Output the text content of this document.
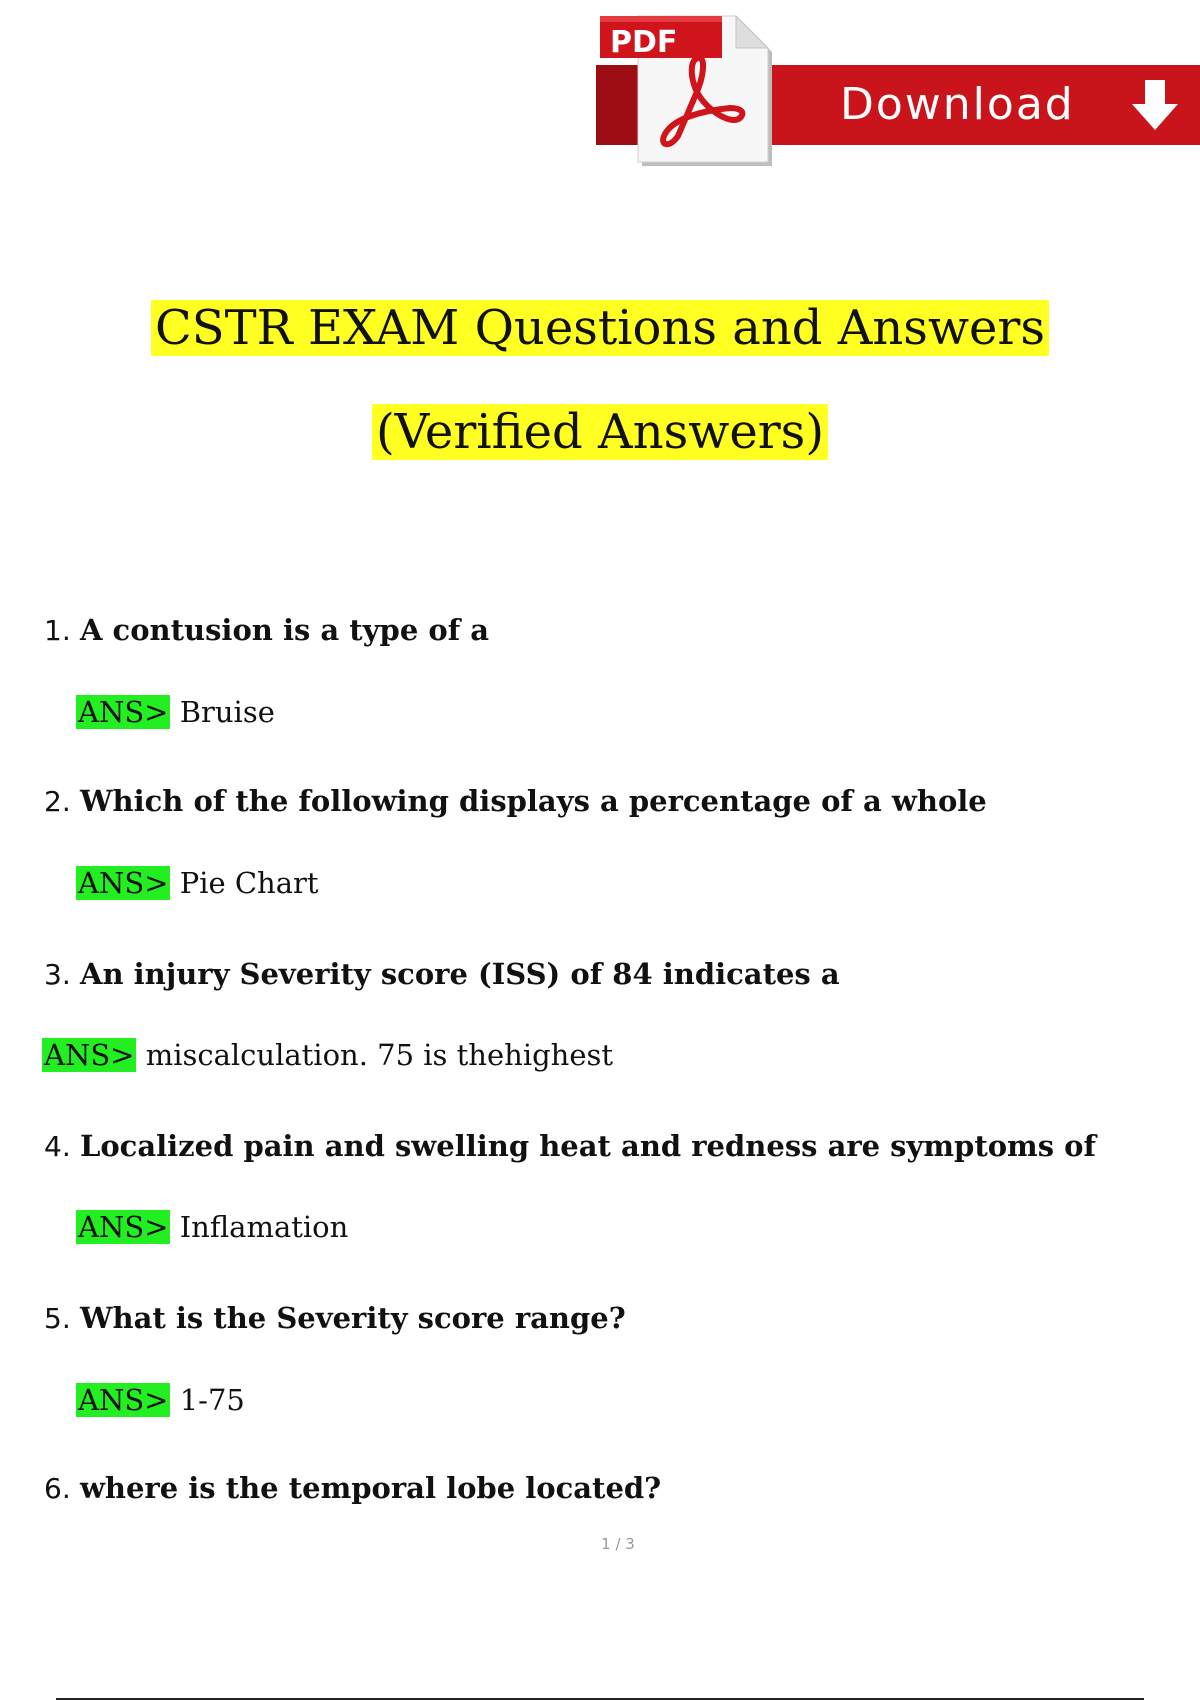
PDF
Download
CSTR EXAM Questions and Answers
(Verified Answers)
1. A contusion is a type of a
ANS> Bruise
2. Which of the following displays a percentage of a whole
ANS> Pie Chart
3. An injury Severity score (ISS) of 84 indicates a
ANS> miscalculation. 75 is thehighest
4. Localized pain and swelling heat and redness are symptoms of
ANS> Inflamation
5. What is the Severity score range?
ANS> 1-75
6. where is the temporal lobe located?
1 / 3
